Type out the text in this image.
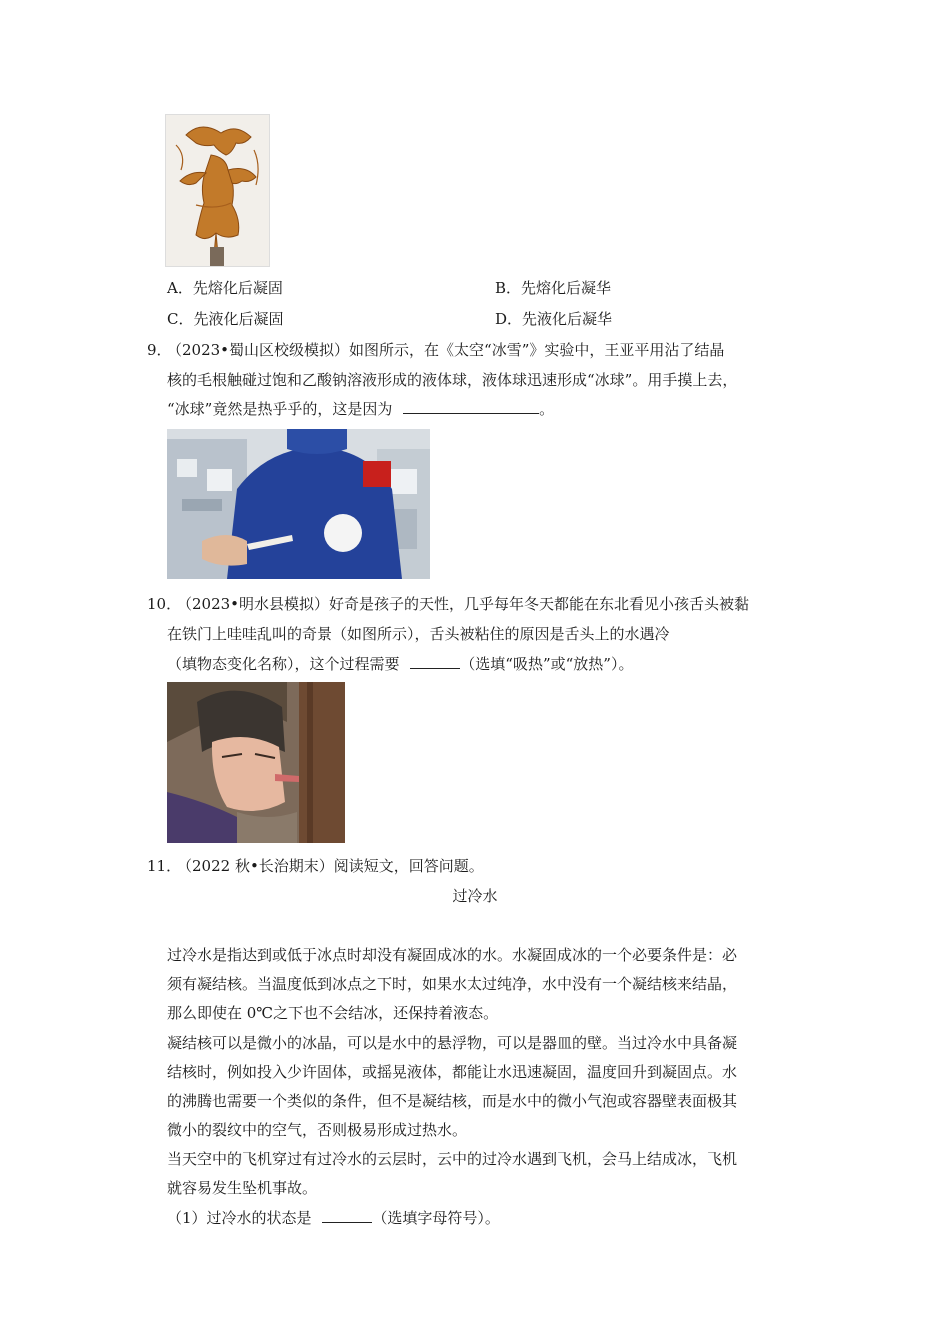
A．先熔化后凝固	B．先熔化后凝华
C．先液化后凝固	D．先液化后凝华
9．
（2023•蜀山区校级模拟）如图所示，在《太空“冰雪”》实验中，王亚平用沾了结晶
核的毛根触碰过饱和乙酸钠溶液形成的液体球，液体球迅速形成“冰球”。用手摸上去，
“冰球”竟然是热乎乎的，这是因为	。
10．
（2023•明水县模拟）好奇是孩子的天性，几乎每年冬天都能在东北看见小孩舌头被黏
在铁门上哇哇乱叫的奇景（如图所示），舌头被粘住的原因是舌头上的水遇冷
（填物态变化名称），这个过程需要	（选填“吸热”或“放热”）。
11．
（2022 秋•长治期末）阅读短文，回答问题。
过冷水
过冷水是指达到或低于冰点时却没有凝固成冰的水。水凝固成冰的一个必要条件是：必
须有凝结核。当温度低到冰点之下时，如果水太过纯净，水中没有一个凝结核来结晶，
那么即使在 0℃之下也不会结冰，还保持着液态。
凝结核可以是微小的冰晶，可以是水中的悬浮物，可以是器皿的壁。当过冷水中具备凝
结核时，例如投入少许固体，或摇晃液体，都能让水迅速凝固，温度回升到凝固点。水
的沸腾也需要一个类似的条件，但不是凝结核，而是水中的微小气泡或容器壁表面极其
微小的裂纹中的空气，否则极易形成过热水。
当天空中的飞机穿过有过冷水的云层时，云中的过冷水遇到飞机，会马上结成冰，飞机
就容易发生坠机事故。
（1）过冷水的状态是	（选填字母符号）。
